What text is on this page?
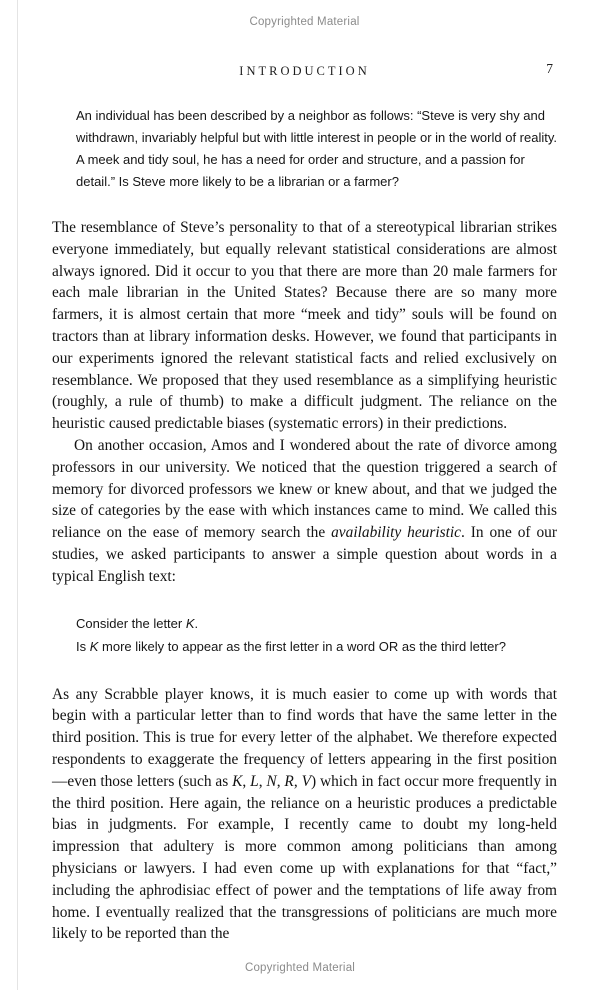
Copyrighted Material
INTRODUCTION	7
An individual has been described by a neighbor as follows: “Steve is very shy and withdrawn, invariably helpful but with little interest in people or in the world of reality. A meek and tidy soul, he has a need for order and structure, and a passion for detail.” Is Steve more likely to be a librarian or a farmer?

The resemblance of Steve’s personality to that of a stereotypical librarian strikes everyone immediately, but equally relevant statistical considerations are almost always ignored. Did it occur to you that there are more than 20 male farmers for each male librarian in the United States? Because there are so many more farmers, it is almost certain that more “meek and tidy” souls will be found on tractors than at library information desks. However, we found that participants in our experiments ignored the relevant statistical facts and relied exclusively on resemblance. We proposed that they used resemblance as a simplifying heuristic (roughly, a rule of thumb) to make a difficult judgment. The reliance on the heuristic caused predictable biases (systematic errors) in their predictions.

On another occasion, Amos and I wondered about the rate of divorce among professors in our university. We noticed that the question triggered a search of memory for divorced professors we knew or knew about, and that we judged the size of categories by the ease with which instances came to mind. We called this reliance on the ease of memory search the availability heuristic. In one of our studies, we asked participants to answer a simple question about words in a typical English text:

Consider the letter K.
Is K more likely to appear as the first letter in a word OR as the third letter?

As any Scrabble player knows, it is much easier to come up with words that begin with a particular letter than to find words that have the same letter in the third position. This is true for every letter of the alphabet. We therefore expected respondents to exaggerate the frequency of letters appearing in the first position—even those letters (such as K, L, N, R, V) which in fact occur more frequently in the third position. Here again, the reliance on a heuristic produces a predictable bias in judgments. For example, I recently came to doubt my long-held impression that adultery is more common among politicians than among physicians or lawyers. I had even come up with explanations for that “fact,” including the aphrodisiac effect of power and the temptations of life away from home. I eventually realized that the transgressions of politicians are much more likely to be reported than the

Copyrighted Material
